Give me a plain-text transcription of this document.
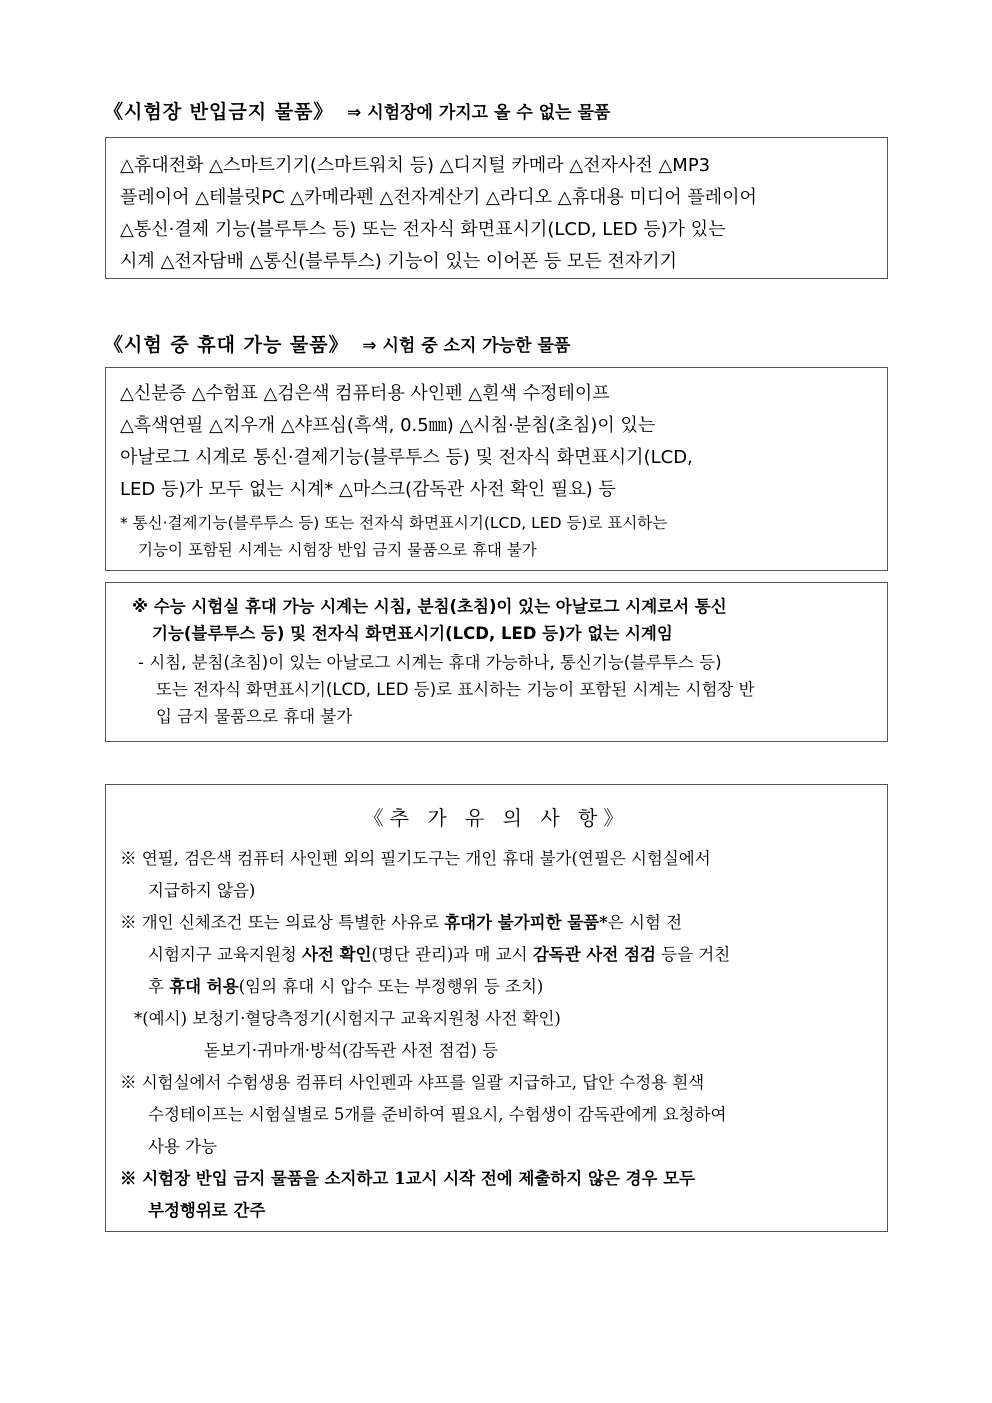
《시험장 반입금지 물품》 ⇒ 시험장에 가지고 올 수 없는 물품
△휴대전화 △스마트기기(스마트워치 등) △디지털 카메라 △전자사전 △MP3
플레이어 △테블릿PC △카메라펜 △전자계산기 △라디오 △휴대용 미디어 플레이어
△통신·결제 기능(블루투스 등) 또는 전자식 화면표시기(LCD, LED 등)가 있는
시계 △전자담배 △통신(블루투스) 기능이 있는 이어폰 등 모든 전자기기
《시험 중 휴대 가능 물품》 ⇒ 시험 중 소지 가능한 물품
△신분증 △수험표 △검은색 컴퓨터용 사인펜 △흰색 수정테이프
△흑색연필 △지우개 △샤프심(흑색, 0.5㎜) △시침·분침(초침)이 있는
아날로그 시계로 통신·결제기능(블루투스 등) 및 전자식 화면표시기(LCD,
LED 등)가 모두 없는 시계* △마스크(감독관 사전 확인 필요) 등
* 통신·결제기능(블루투스 등) 또는 전자식 화면표시기(LCD, LED 등)로 표시하는
기능이 포함된 시계는 시험장 반입 금지 물품으로 휴대 불가
※ 수능 시험실 휴대 가능 시계는 시침, 분침(초침)이 있는 아날로그 시계로서 통신
기능(블루투스 등) 및 전자식 화면표시기(LCD, LED 등)가 없는 시계임
- 시침, 분침(초침)이 있는 아날로그 시계는 휴대 가능하나, 통신기능(블루투스 등)
또는 전자식 화면표시기(LCD, LED 등)로 표시하는 기능이 포함된 시계는 시험장 반
입 금지 물품으로 휴대 불가
《추 가 유 의 사 항》
※ 연필, 검은색 컴퓨터 사인펜 외의 필기도구는 개인 휴대 불가(연필은 시험실에서
지급하지 않음)
※ 개인 신체조건 또는 의료상 특별한 사유로 휴대가 불가피한 물품*은 시험 전
시험지구 교육지원청 사전 확인(명단 관리)과 매 교시 감독관 사전 점검 등을 거친
후 휴대 허용(임의 휴대 시 압수 또는 부정행위 등 조치)
*(예시) 보청기·혈당측정기(시험지구 교육지원청 사전 확인)
돋보기·귀마개·방석(감독관 사전 점검) 등
※ 시험실에서 수험생용 컴퓨터 사인펜과 샤프를 일괄 지급하고, 답안 수정용 흰색
수정테이프는 시험실별로 5개를 준비하여 필요시, 수험생이 감독관에게 요청하여
사용 가능
※ 시험장 반입 금지 물품을 소지하고 1교시 시작 전에 제출하지 않은 경우 모두
부정행위로 간주
